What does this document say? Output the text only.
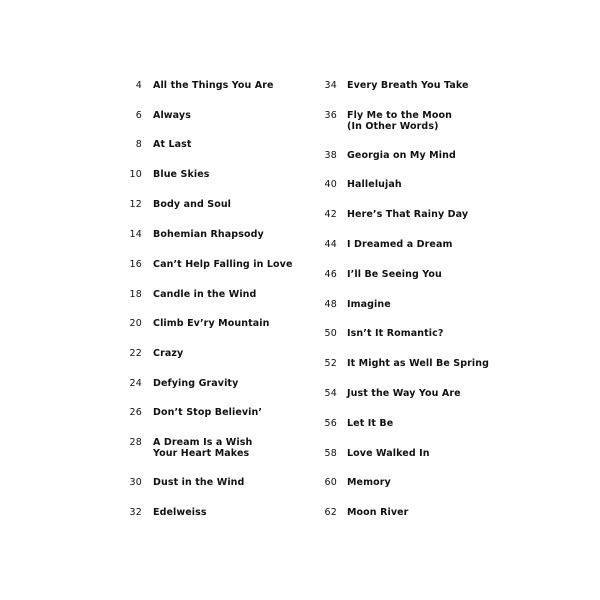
4 All the Things You Are
6 Always
8 At Last
10 Blue Skies
12 Body and Soul
14 Bohemian Rhapsody
16 Can’t Help Falling in Love
18 Candle in the Wind
20 Climb Ev’ry Mountain
22 Crazy
24 Defying Gravity
26 Don’t Stop Believin’
28 A Dream Is a Wish
Your Heart Makes
30 Dust in the Wind
32 Edelweiss
34 Every Breath You Take
36 Fly Me to the Moon
(In Other Words)
38 Georgia on My Mind
40 Hallelujah
42 Here’s That Rainy Day
44 I Dreamed a Dream
46 I’ll Be Seeing You
48 Imagine
50 Isn’t It Romantic?
52 It Might as Well Be Spring
54 Just the Way You Are
56 Let It Be
58 Love Walked In
60 Memory
62 Moon River
